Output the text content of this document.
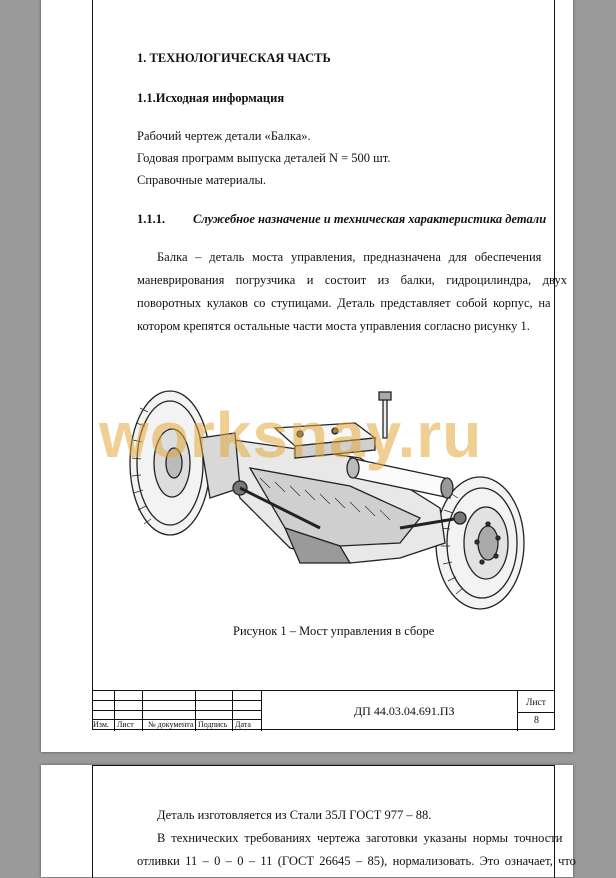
1. ТЕХНОЛОГИЧЕСКАЯ ЧАСТЬ
1.1.Исходная информация
Рабочий чертеж детали «Балка».
Годовая программ выпуска деталей N = 500 шт.
Справочные материалы.
1.1.1. Служебное назначение и техническая характеристика детали
Балка – деталь моста управления, предназначена для обеспечения
маневрирования погрузчика и состоит из балки, гидроцилиндра, двух
поворотных кулаков со ступицами. Деталь представляет собой корпус, на
котором крепятся остальные части моста управления согласно рисунку 1.
worksnay.ru
Рисунок 1 – Мост управления в сборе
Изм. Лист № документа Подпись Дата
ДП 44.03.04.691.ПЗ
Лист
8
Деталь изготовляется из Стали 35Л ГОСТ 977 – 88.
В технических требованиях чертежа заготовки указаны нормы точности
отливки 11 – 0 – 0 – 11 (ГОСТ 26645 – 85), нормализовать. Это означает, что
